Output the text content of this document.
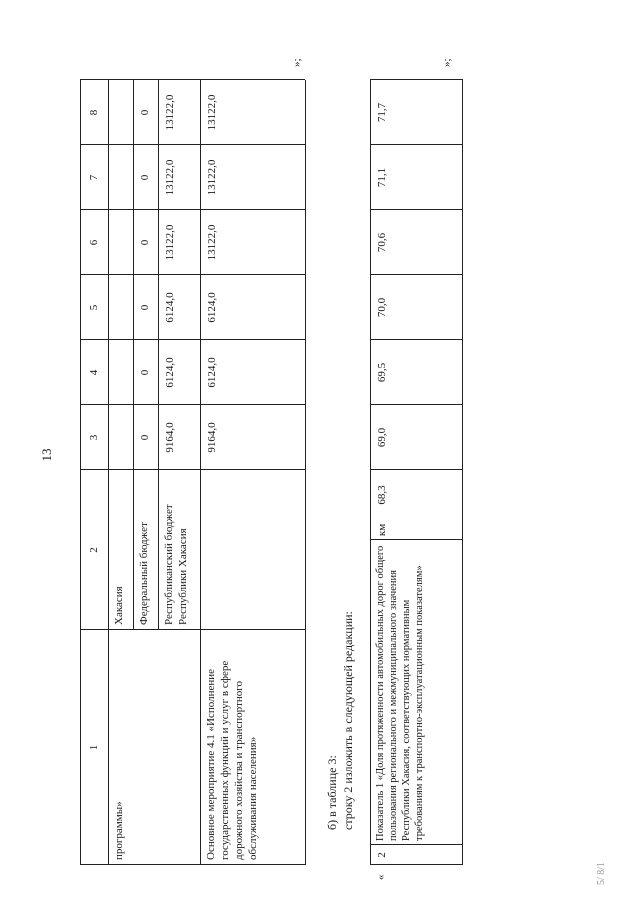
13
1
2
3
4
5
6
7
8
программы»
Хакасия Федеральный бюджет
0
0
0
0
0
0
Республиканский бюджет Республики Хакасия
9164,0
6124,0
6124,0
13122,0
13122,0
13122,0
Основное мероприятие 4.1 «Исполнение государственных функций и услуг в сфере дорожного хозяйства и транспортного обслуживания населения»
9164,0
6124,0
6124,0
13122,0
13122,0
13122,0
»;
б) в таблице 3: строку 2 изложить в следующей редакции:
2
Показатель 1 «Доля протяженности автомобильных дорог общего пользования регионального и межмуниципального значения Республики Хакасия, соответствующих нормативным требованиям к транспортно-эксплуатационным показателям»
км
68,3
69,0
69,5
70,0
70,6
71,1
71,7
«
»;
5/ 8/1
